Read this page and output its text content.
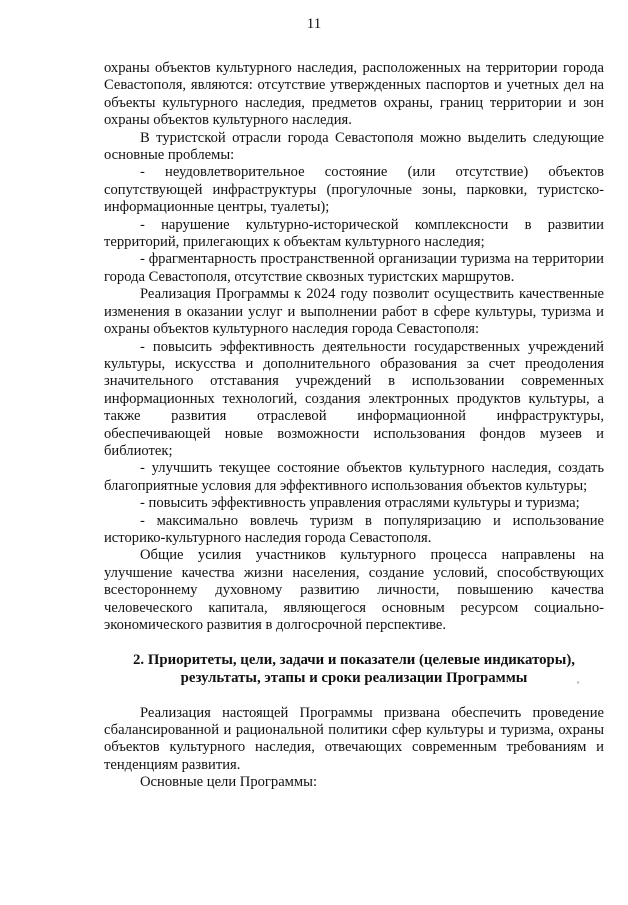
11

охраны объектов культурного наследия, расположенных на территории города Севастополя, являются: отсутствие утвержденных паспортов и учетных дел на объекты культурного наследия, предметов охраны, границ территории и зон охраны объектов культурного наследия.

В туристской отрасли города Севастополя можно выделить следующие основные проблемы:

- неудовлетворительное состояние (или отсутствие) объектов сопутствующей инфраструктуры (прогулочные зоны, парковки, туристско-информационные центры, туалеты);

- нарушение культурно-исторической комплексности в развитии территорий, прилегающих к объектам культурного наследия;

- фрагментарность пространственной организации туризма на территории города Севастополя, отсутствие сквозных туристских маршрутов.

Реализация Программы к 2024 году позволит осуществить качественные изменения в оказании услуг и выполнении работ в сфере культуры, туризма и охраны объектов культурного наследия города Севастополя:

- повысить эффективность деятельности государственных учреждений культуры, искусства и дополнительного образования за счет преодоления значительного отставания учреждений в использовании современных информационных технологий, создания электронных продуктов культуры, а также развития отраслевой информационной инфраструктуры, обеспечивающей новые возможности использования фондов музеев и библиотек;

- улучшить текущее состояние объектов культурного наследия, создать благоприятные условия для эффективного использования объектов культуры;

- повысить эффективность управления отраслями культуры и туризма;

- максимально вовлечь туризм в популяризацию и использование историко-культурного наследия города Севастополя.

Общие усилия участников культурного процесса направлены на улучшение качества жизни населения, создание условий, способствующих всестороннему духовному развитию личности, повышению качества человеческого капитала, являющегося основным ресурсом социально-экономического развития в долгосрочной перспективе.

2. Приоритеты, цели, задачи и показатели (целевые индикаторы), результаты, этапы и сроки реализации Программы

Реализация настоящей Программы призвана обеспечить проведение сбалансированной и рациональной политики сфер культуры и туризма, охраны объектов культурного наследия, отвечающих современным требованиям и тенденциям развития.

Основные цели Программы:

ₒ
